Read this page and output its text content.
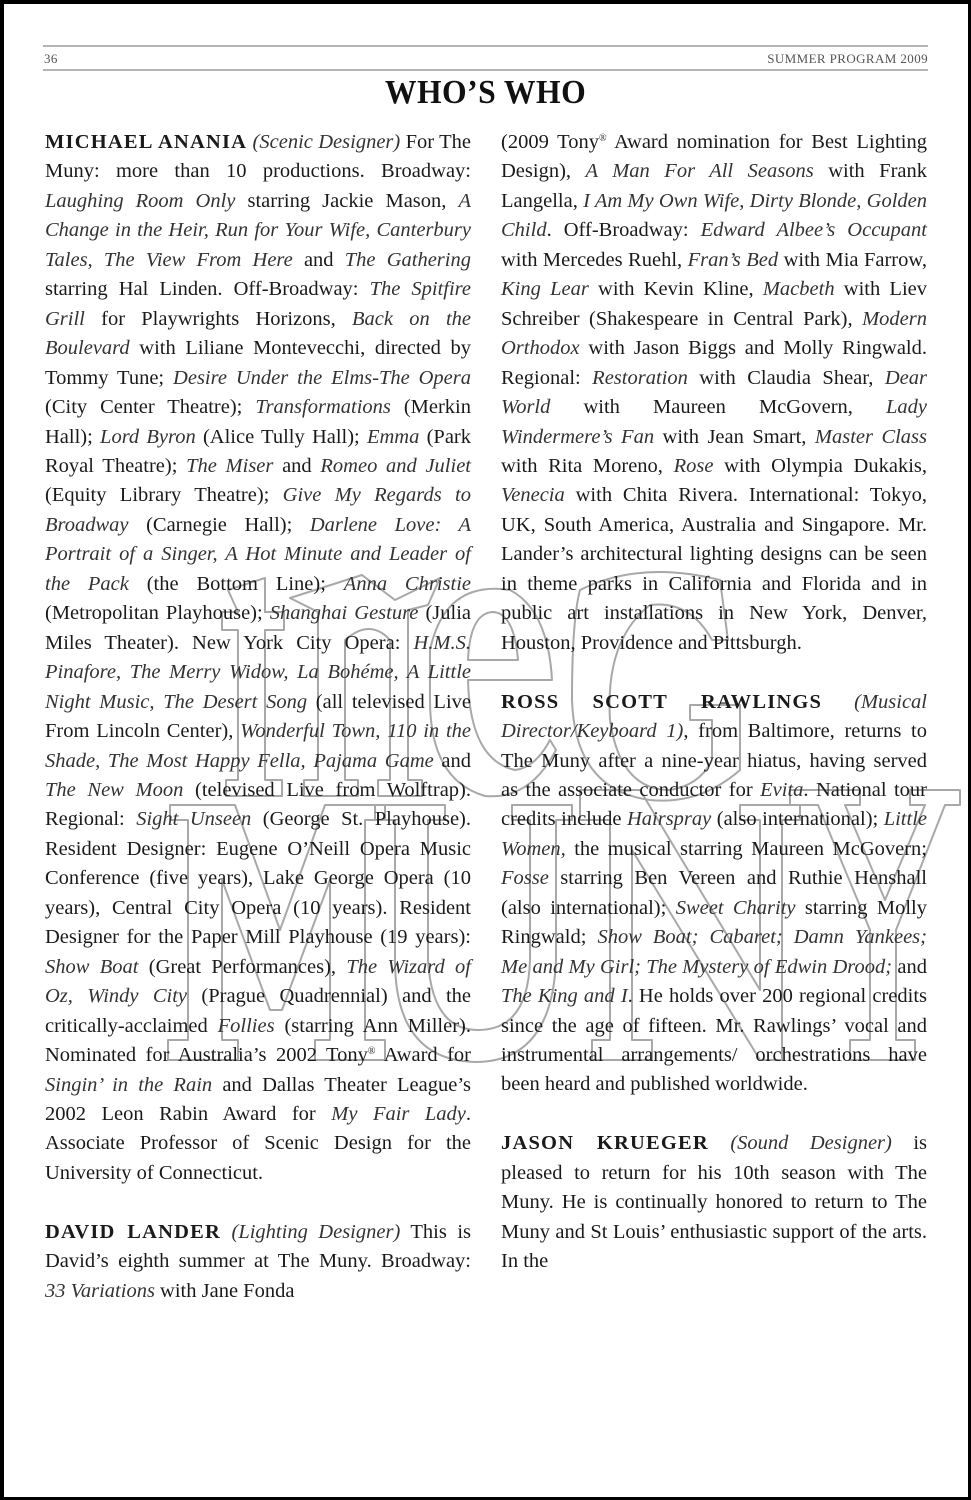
36	SUMMER PROGRAM 2009
WHO’S WHO

MICHAEL ANANIA (Scenic Designer) For The Muny: more than 10 productions. Broadway: Laughing Room Only starring Jackie Mason, A Change in the Heir, Run for Your Wife, Canterbury Tales, The View From Here and The Gathering starring Hal Linden. Off-Broadway: The Spitfire Grill for Playwrights Horizons, Back on the Boulevard with Liliane Montevecchi, directed by Tommy Tune; Desire Under the Elms-The Opera (City Center Theatre); Transformations (Merkin Hall); Lord Byron (Alice Tully Hall); Emma (Park Royal Theatre); The Miser and Romeo and Juliet (Equity Library Theatre); Give My Regards to Broadway (Carnegie Hall); Darlene Love: A Portrait of a Singer, A Hot Minute and Leader of the Pack (the Bottom Line); Anna Christie (Metropolitan Playhouse); Shanghai Gesture (Julia Miles Theater). New York City Opera: H.M.S. Pinafore, The Merry Widow, La Bohéme, A Little Night Music, The Desert Song (all televised Live From Lincoln Center), Wonderful Town, 110 in the Shade, The Most Happy Fella, Pajama Game and The New Moon (televised Live from Wolftrap). Regional: Sight Unseen (George St. Playhouse). Resident Designer: Eugene O’Neill Opera Music Conference (five years), Lake George Opera (10 years), Central City Opera (10 years). Resident Designer for the Paper Mill Playhouse (19 years): Show Boat (Great Performances), The Wizard of Oz, Windy City (Prague Quadrennial) and the critically-acclaimed Follies (starring Ann Miller). Nominated for Australia’s 2002 Tony® Award for Singin’ in the Rain and Dallas Theater League’s 2002 Leon Rabin Award for My Fair Lady. Associate Professor of Scenic Design for the University of Connecticut.

DAVID LANDER (Lighting Designer) This is David’s eighth summer at The Muny. Broadway: 33 Variations with Jane Fonda

(2009 Tony® Award nomination for Best Lighting Design), A Man For All Seasons with Frank Langella, I Am My Own Wife, Dirty Blonde, Golden Child. Off-Broadway: Edward Albee’s Occupant with Mercedes Ruehl, Fran’s Bed with Mia Farrow, King Lear with Kevin Kline, Macbeth with Liev Schreiber (Shakespeare in Central Park), Modern Orthodox with Jason Biggs and Molly Ringwald. Regional: Restoration with Claudia Shear, Dear World with Maureen McGovern, Lady Windermere’s Fan with Jean Smart, Master Class with Rita Moreno, Rose with Olympia Dukakis, Venecia with Chita Rivera. International: Tokyo, UK, South America, Australia and Singapore. Mr. Lander’s architectural lighting designs can be seen in theme parks in California and Florida and in public art installations in New York, Denver, Houston, Providence and Pittsburgh.

ROSS SCOTT RAWLINGS (Musical Director/Keyboard 1), from Baltimore, returns to The Muny after a nine-year hiatus, having served as the associate conductor for Evita. National tour credits include Hairspray (also international); Little Women, the musical starring Maureen McGovern; Fosse starring Ben Vereen and Ruthie Henshall (also international); Sweet Charity starring Molly Ringwald; Show Boat; Cabaret; Damn Yankees; Me and My Girl; The Mystery of Edwin Drood; and The King and I. He holds over 200 regional credits since the age of fifteen. Mr. Rawlings’ vocal and instrumental arrangements/ orchestrations have been heard and published worldwide.

JASON KRUEGER (Sound Designer) is pleased to return for his 10th season with The Muny. He is continually honored to return to The Muny and St Louis’ enthusiastic support of the arts. In the
